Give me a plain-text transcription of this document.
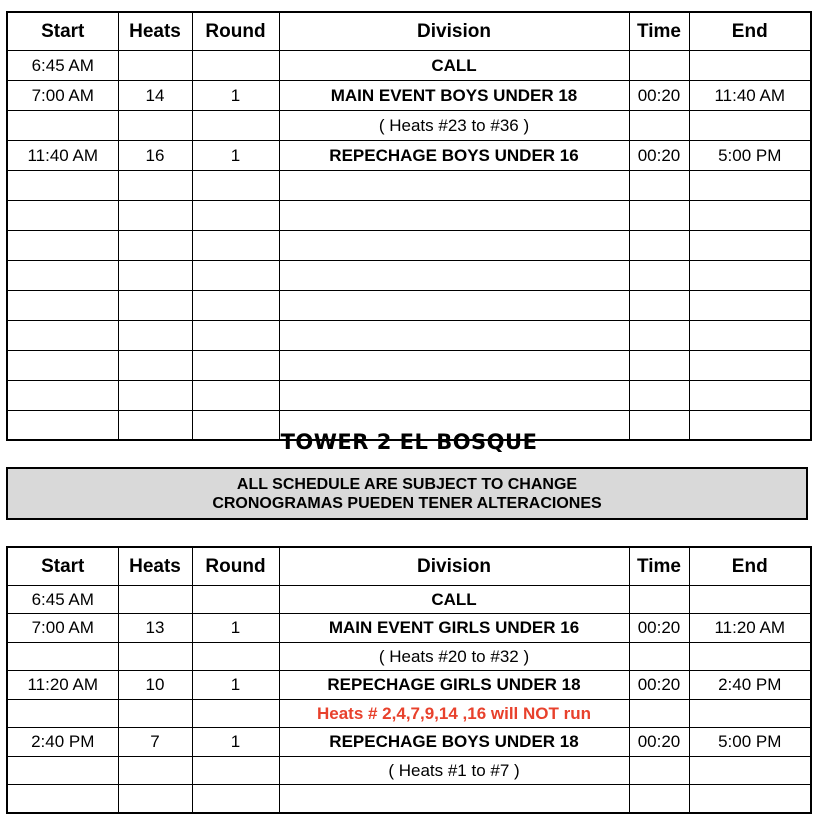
Start	Heats	Round	Division	Time	End
6:45 AM			CALL		
7:00 AM	14	1	MAIN EVENT BOYS UNDER 18	00:20	11:40 AM
			( Heats #23 to #36 )		
11:40 AM	16	1	REPECHAGE BOYS UNDER 16	00:20	5:00 PM

TOWER 2 EL BOSQUE
ALL SCHEDULE ARE SUBJECT TO CHANGE
CRONOGRAMAS PUEDEN TENER ALTERACIONES
Start	Heats	Round	Division	Time	End
6:45 AM			CALL		
7:00 AM	13	1	MAIN EVENT GIRLS UNDER 16	00:20	11:20 AM
			( Heats #20 to #32 )		
11:20 AM	10	1	REPECHAGE GIRLS UNDER 18	00:20	2:40 PM
			Heats # 2,4,7,9,14 ,16 will NOT run		
2:40 PM	7	1	REPECHAGE BOYS UNDER 18	00:20	5:00 PM
			( Heats #1 to #7 )		
